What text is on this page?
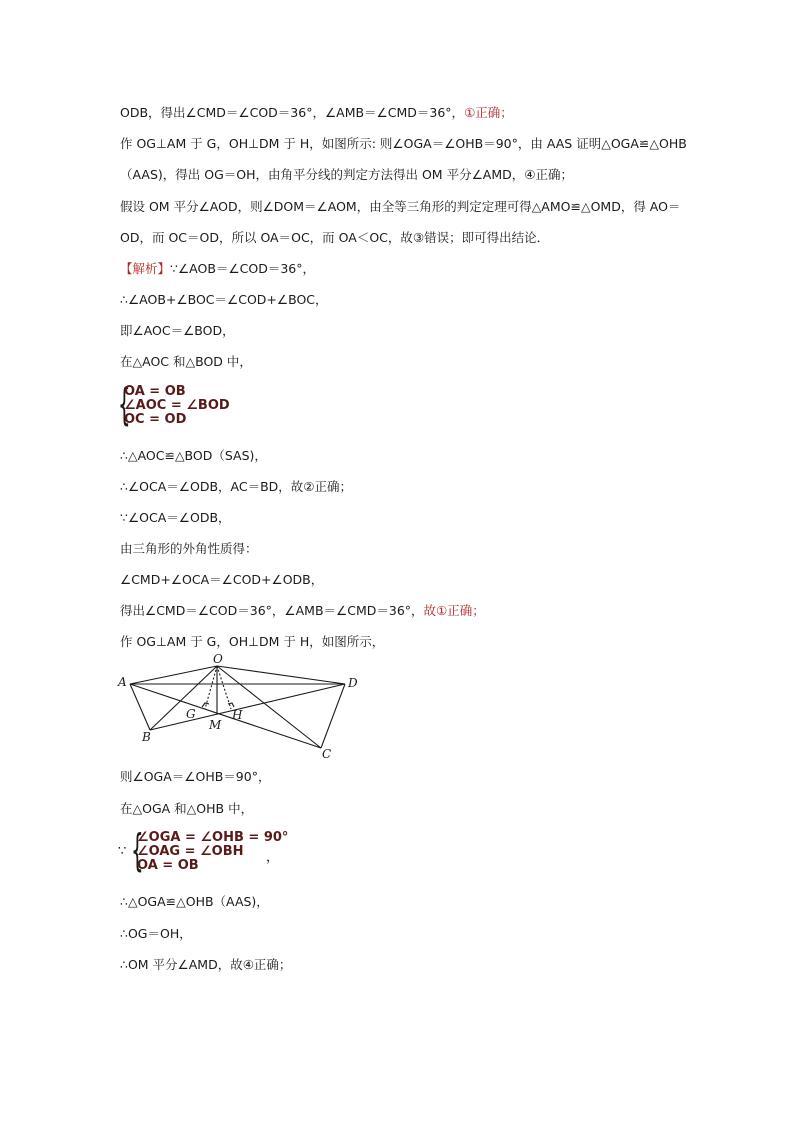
ODB，得出∠CMD＝∠COD＝36°，∠AMB＝∠CMD＝36°，①正确；
作 OG⊥AM 于 G，OH⊥DM 于 H，如图所示: 则∠OGA＝∠OHB＝90°，由 AAS 证明△OGA≌△OHB
（AAS)，得出 OG＝OH，由角平分线的判定方法得出 OM 平分∠AMD，④正确；
假设 OM 平分∠AOD，则∠DOM＝∠AOM，由全等三角形的判定定理可得△AMO≌△OMD，得 AO＝
OD，而 OC＝OD，所以 OA＝OC，而 OA＜OC，故③错误；即可得出结论．
【解析】∵∠AOB＝∠COD＝36°，
∴∠AOB+∠BOC＝∠COD+∠BOC，
即∠AOC＝∠BOD，
在△AOC 和△BOD 中，
{
OA = OB
∠AOC = ∠BOD
OC = OD
∴△AOC≌△BOD（SAS)，
∴∠OCA＝∠ODB，AC＝BD，故②正确；
∵∠OCA＝∠ODB，
由三角形的外角性质得：
∠CMD+∠OCA＝∠COD+∠ODB，
得出∠CMD＝∠COD＝36°，∠AMB＝∠CMD＝36°，故①正确；
作 OG⊥AM 于 G，OH⊥DM 于 H，如图所示，
O
A	D
G	H
M
B
C
则∠OGA＝∠OHB＝90°，
在△OGA 和△OHB 中，
∵ {
∠OGA = ∠OHB = 90°
∠OAG = ∠OBH
OA = OB
，
∴△OGA≌△OHB（AAS)，
∴OG＝OH，
∴OM 平分∠AMD，故④正确；
